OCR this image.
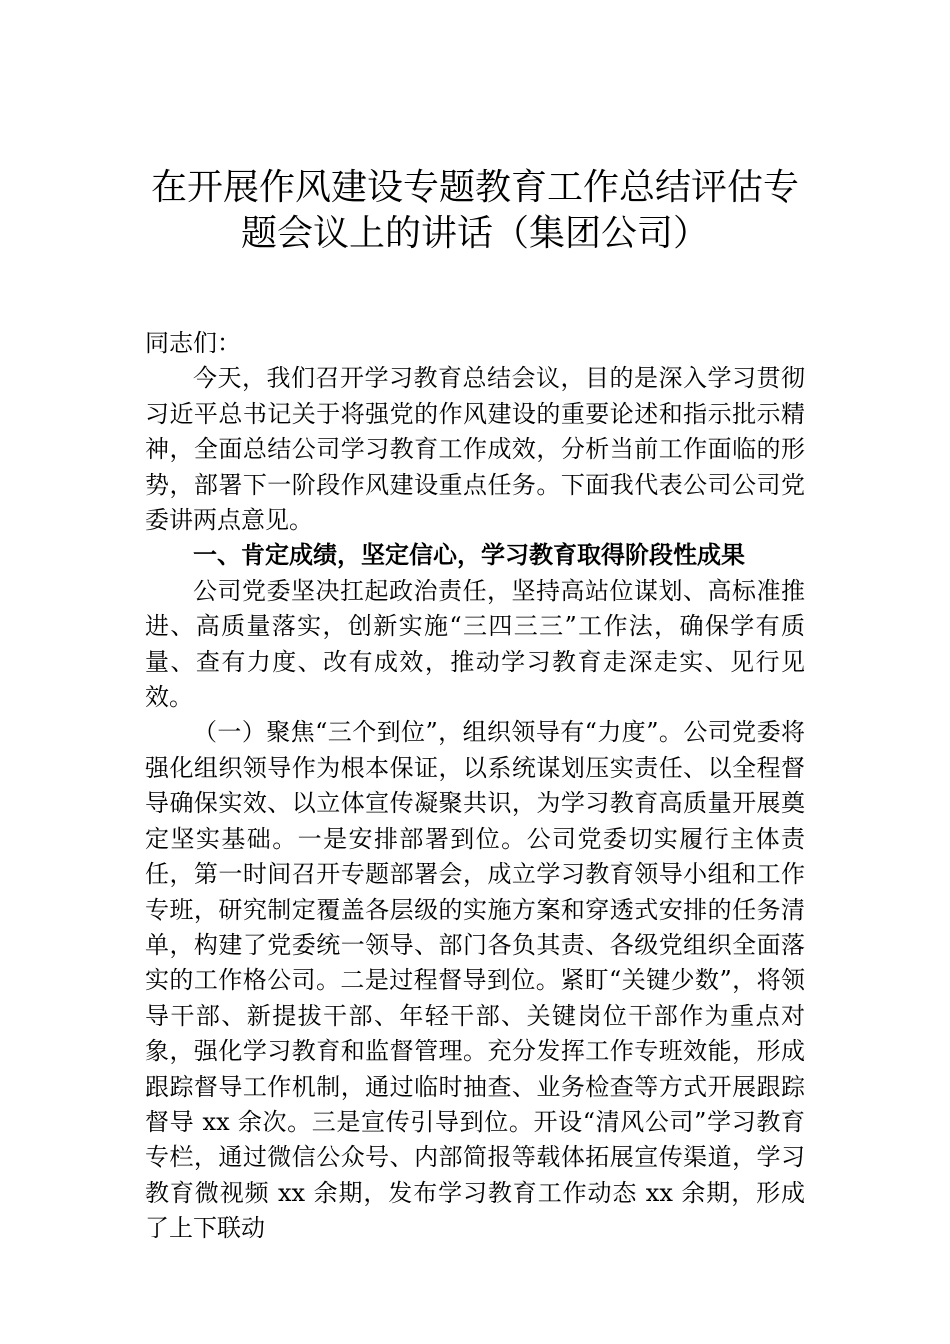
在开展作风建设专题教育工作总结评估专
题会议上的讲话（集团公司）

同志们：

今天，我们召开学习教育总结会议，目的是深入学习贯彻习近平总书记关于将强党的作风建设的重要论述和指示批示精神，全面总结公司学习教育工作成效，分析当前工作面临的形势，部署下一阶段作风建设重点任务。下面我代表公司公司党委讲两点意见。

一、肯定成绩，坚定信心，学习教育取得阶段性成果

公司党委坚决扛起政治责任，坚持高站位谋划、高标准推进、高质量落实，创新实施“三四三三”工作法，确保学有质量、查有力度、改有成效，推动学习教育走深走实、见行见效。

（一）聚焦“三个到位”，组织领导有“力度”。公司党委将强化组织领导作为根本保证，以系统谋划压实责任、以全程督导确保实效、以立体宣传凝聚共识，为学习教育高质量开展奠定坚实基础。一是安排部署到位。公司党委切实履行主体责任，第一时间召开专题部署会，成立学习教育领导小组和工作专班，研究制定覆盖各层级的实施方案和穿透式安排的任务清单，构建了党委统一领导、部门各负其责、各级党组织全面落实的工作格公司。二是过程督导到位。紧盯“关键少数”，将领导干部、新提拔干部、年轻干部、关键岗位干部作为重点对象，强化学习教育和监督管理。充分发挥工作专班效能，形成跟踪督导工作机制，通过临时抽查、业务检查等方式开展跟踪督导 xx 余次。三是宣传引导到位。开设“清风公司”学习教育专栏，通过微信公众号、内部简报等载体拓展宣传渠道，学习教育微视频 xx 余期，发布学习教育工作动态 xx 余期，形成了上下联动
